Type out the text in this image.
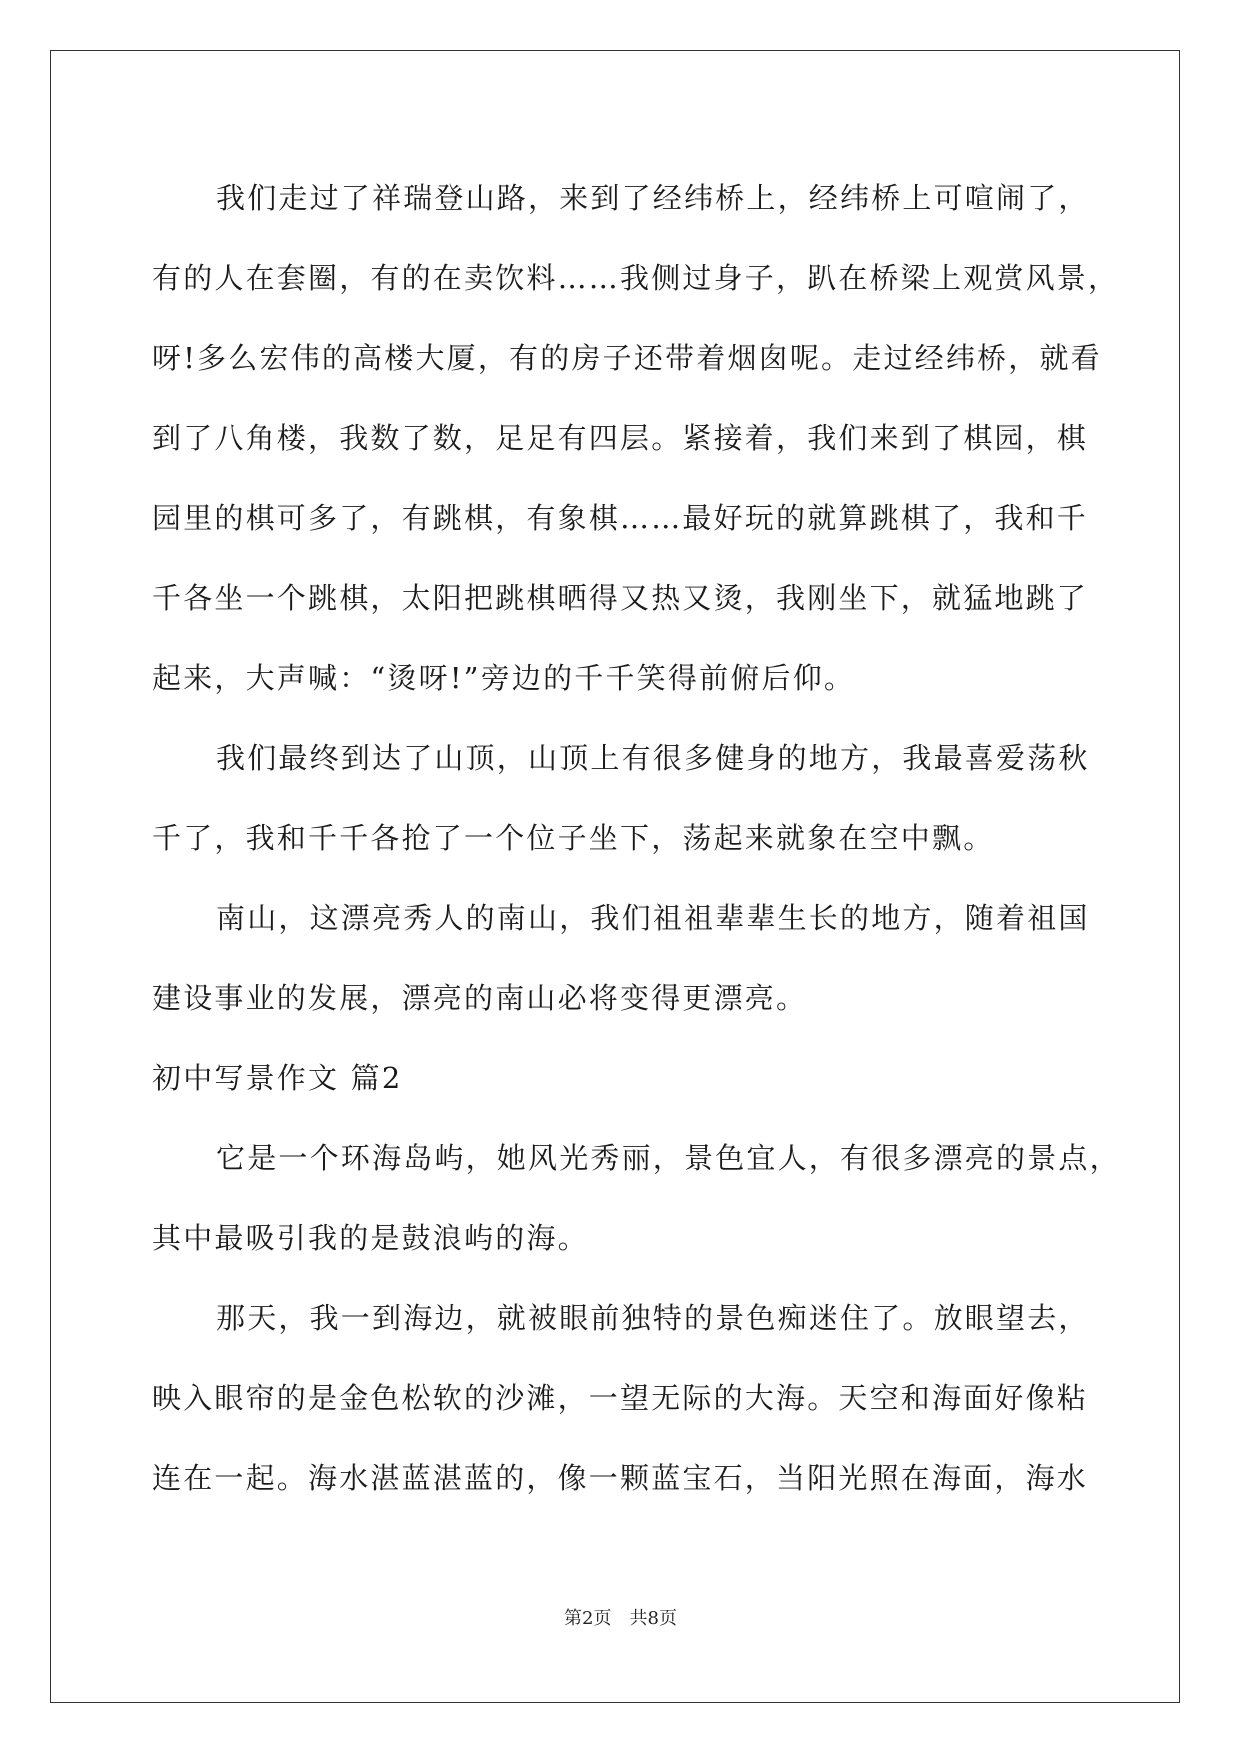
我们走过了祥瑞登山路，来到了经纬桥上，经纬桥上可喧闹了，
有的人在套圈，有的在卖饮料……我侧过身子，趴在桥梁上观赏风景，
呀!多么宏伟的高楼大厦，有的房子还带着烟囱呢。走过经纬桥，就看
到了八角楼，我数了数，足足有四层。紧接着，我们来到了棋园，棋
园里的棋可多了，有跳棋，有象棋……最好玩的就算跳棋了，我和千
千各坐一个跳棋，太阳把跳棋晒得又热又烫，我刚坐下，就猛地跳了
起来，大声喊：“烫呀!”旁边的千千笑得前俯后仰。
我们最终到达了山顶，山顶上有很多健身的地方，我最喜爱荡秋
千了，我和千千各抢了一个位子坐下，荡起来就象在空中飘。
南山，这漂亮秀人的南山，我们祖祖辈辈生长的地方，随着祖国
建设事业的发展，漂亮的南山必将变得更漂亮。
初中写景作文 篇2
它是一个环海岛屿，她风光秀丽，景色宜人，有很多漂亮的景点，
其中最吸引我的是鼓浪屿的海。
那天，我一到海边，就被眼前独特的景色痴迷住了。放眼望去，
映入眼帘的是金色松软的沙滩，一望无际的大海。天空和海面好像粘
连在一起。海水湛蓝湛蓝的，像一颗蓝宝石，当阳光照在海面，海水
第2页　共8页
